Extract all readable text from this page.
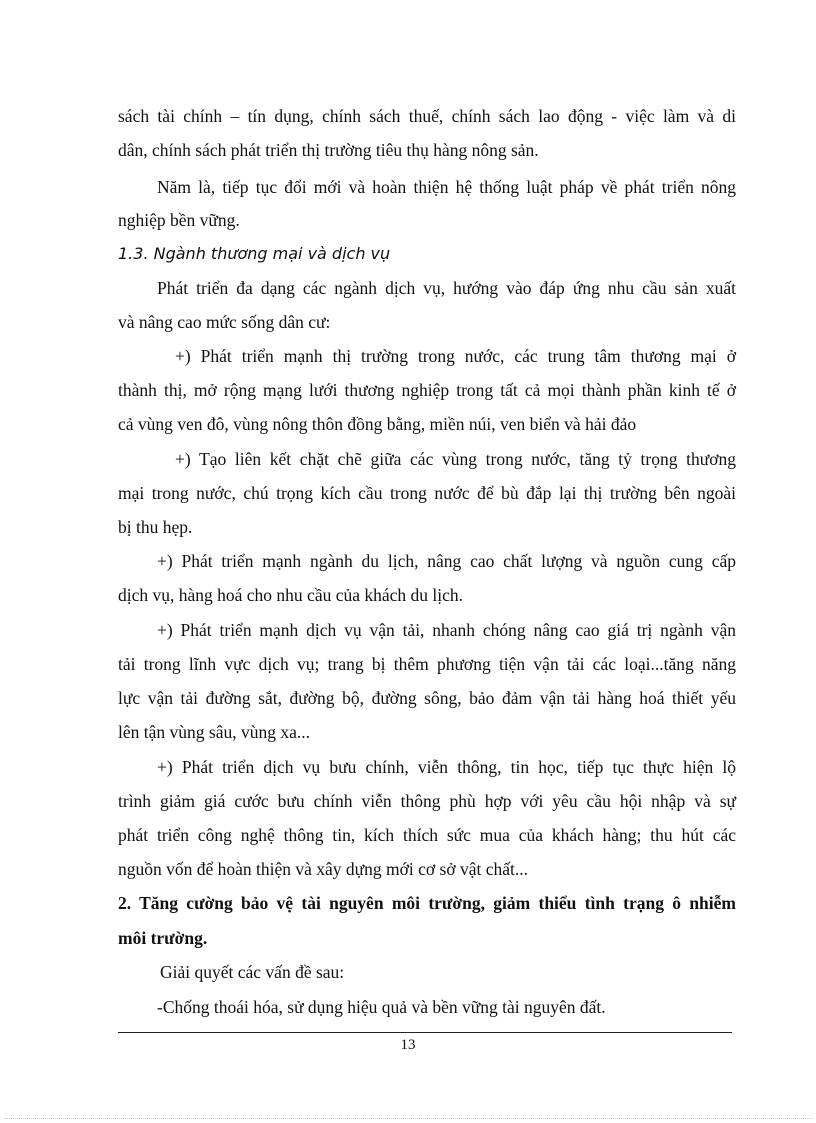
sách tài chính – tín dụng, chính sách thuế, chính sách lao động - việc làm và di
dân, chính sách phát triển thị trường tiêu thụ hàng nông sản.
Năm là, tiếp tục đổi mới và hoàn thiện hệ thống luật pháp về phát triển nông
nghiệp bền vững.
1.3. Ngành thương mại và dịch vụ
Phát triển đa dạng các ngành dịch vụ, hướng vào đáp ứng nhu cầu sản xuất
và nâng cao mức sống dân cư:
+) Phát triển mạnh thị trường trong nước, các trung tâm thương mại ở
thành thị, mở rộng mạng lưới thương nghiệp trong tất cả mọi thành phần kinh tế ở
cả vùng ven đô, vùng nông thôn đồng bằng, miền núi, ven biển và hải đảo
+) Tạo liên kết chặt chẽ giữa các vùng trong nước, tăng tỷ trọng thương
mại trong nước, chú trọng kích cầu trong nước để bù đắp lại thị trường bên ngoài
bị thu hẹp.
+) Phát triển mạnh ngành du lịch, nâng cao chất lượng và nguồn cung cấp
dịch vụ, hàng hoá cho nhu cầu của khách du lịch.
+) Phát triển mạnh dịch vụ vận tải, nhanh chóng nâng cao giá trị ngành vận
tải trong lĩnh vực dịch vụ; trang bị thêm phương tiện vận tải các loại...tăng năng
lực vận tải đường sắt, đường bộ, đường sông, bảo đảm vận tải hàng hoá thiết yếu
lên tận vùng sâu, vùng xa...
+) Phát triển dịch vụ bưu chính, viễn thông, tin học, tiếp tục thực hiện lộ
trình giảm giá cước bưu chính viễn thông phù hợp với yêu cầu hội nhập và sự
phát triển công nghệ thông tin, kích thích sức mua của khách hàng; thu hút các
nguồn vốn để hoàn thiện và xây dựng mới cơ sở vật chất...
2. Tăng cường bảo vệ tài nguyên môi trường, giảm thiểu tình trạng ô nhiễm
môi trường.
Giải quyết các vấn đề sau:
-Chống thoái hóa, sử dụng hiệu quả và bền vững tài nguyên đất.
13
